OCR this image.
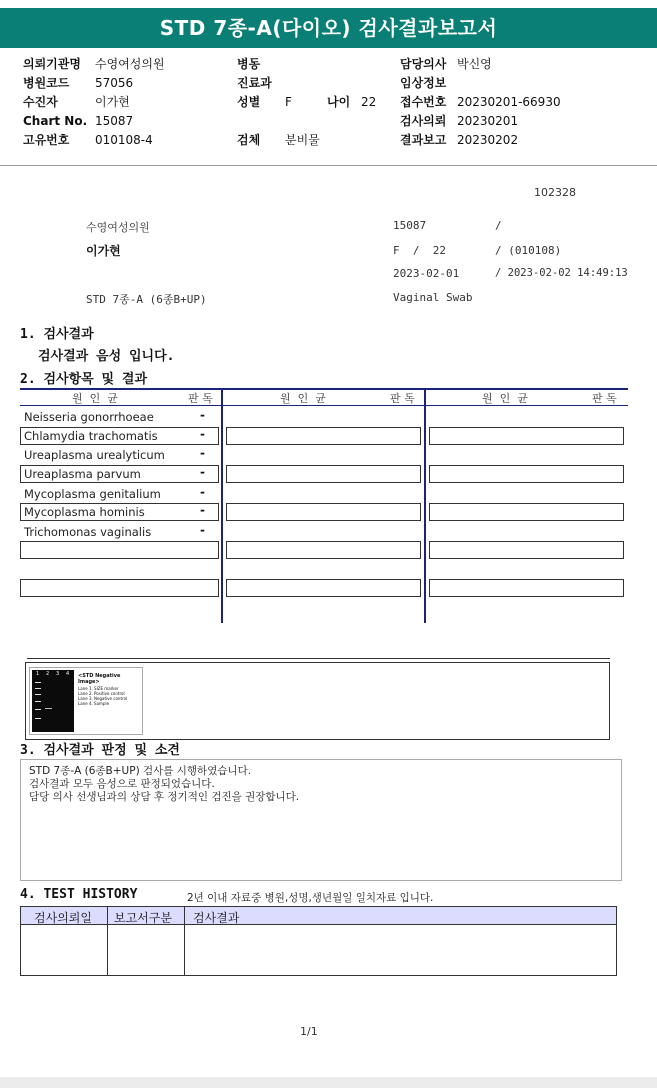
STD 7종-A(다이오) 검사결과보고서
의뢰기관명 수영여성의원
병원코드 57056
수진자	이가현
Chart No. 15087
고유번호 010108-4
병동
진료과
성별 F	나이 22
검체 분비물
담당의사 박신영
임상정보
접수번호 20230201-66930
검사의뢰 20230201
결과보고 20230202
102328
수영여성의원	15087	/
이가현	F  /  22	/ (010108)
2023-02-01	/ 2023-02-02 14:49:13
STD 7종-A (6종B+UP)	Vaginal Swab
1. 검사결과
검사결과 음성 입니다.
2. 검사항목 및 결과
원  인  균	판 독	원  인  균	판 독	원  인  균	판 독
Neisseria gonorrhoeae	-
Chlamydia trachomatis	-
Ureaplasma urealyticum	-
Ureaplasma parvum	-
Mycoplasma genitalium	-
Mycoplasma hominis	-
Trichomonas vaginalis	-
1 2 3 4 <STD Negative Image>
Lane 1. SIZE marker
Lane 2. Positive control
Lane 3. Negative control
Lane 4. Sample
3. 검사결과 판정 및 소견
STD 7종-A (6종B+UP) 검사를 시행하였습니다.
검사결과 모두 음성으로 판정되었습니다.
담당 의사 선생님과의 상담 후 정기적인 검진을 권장합니다.
4. TEST HISTORY	2년 이내 자료중 병원,성명,생년월일 일치자료 입니다.
검사의뢰일 보고서구분 검사결과
1/1
